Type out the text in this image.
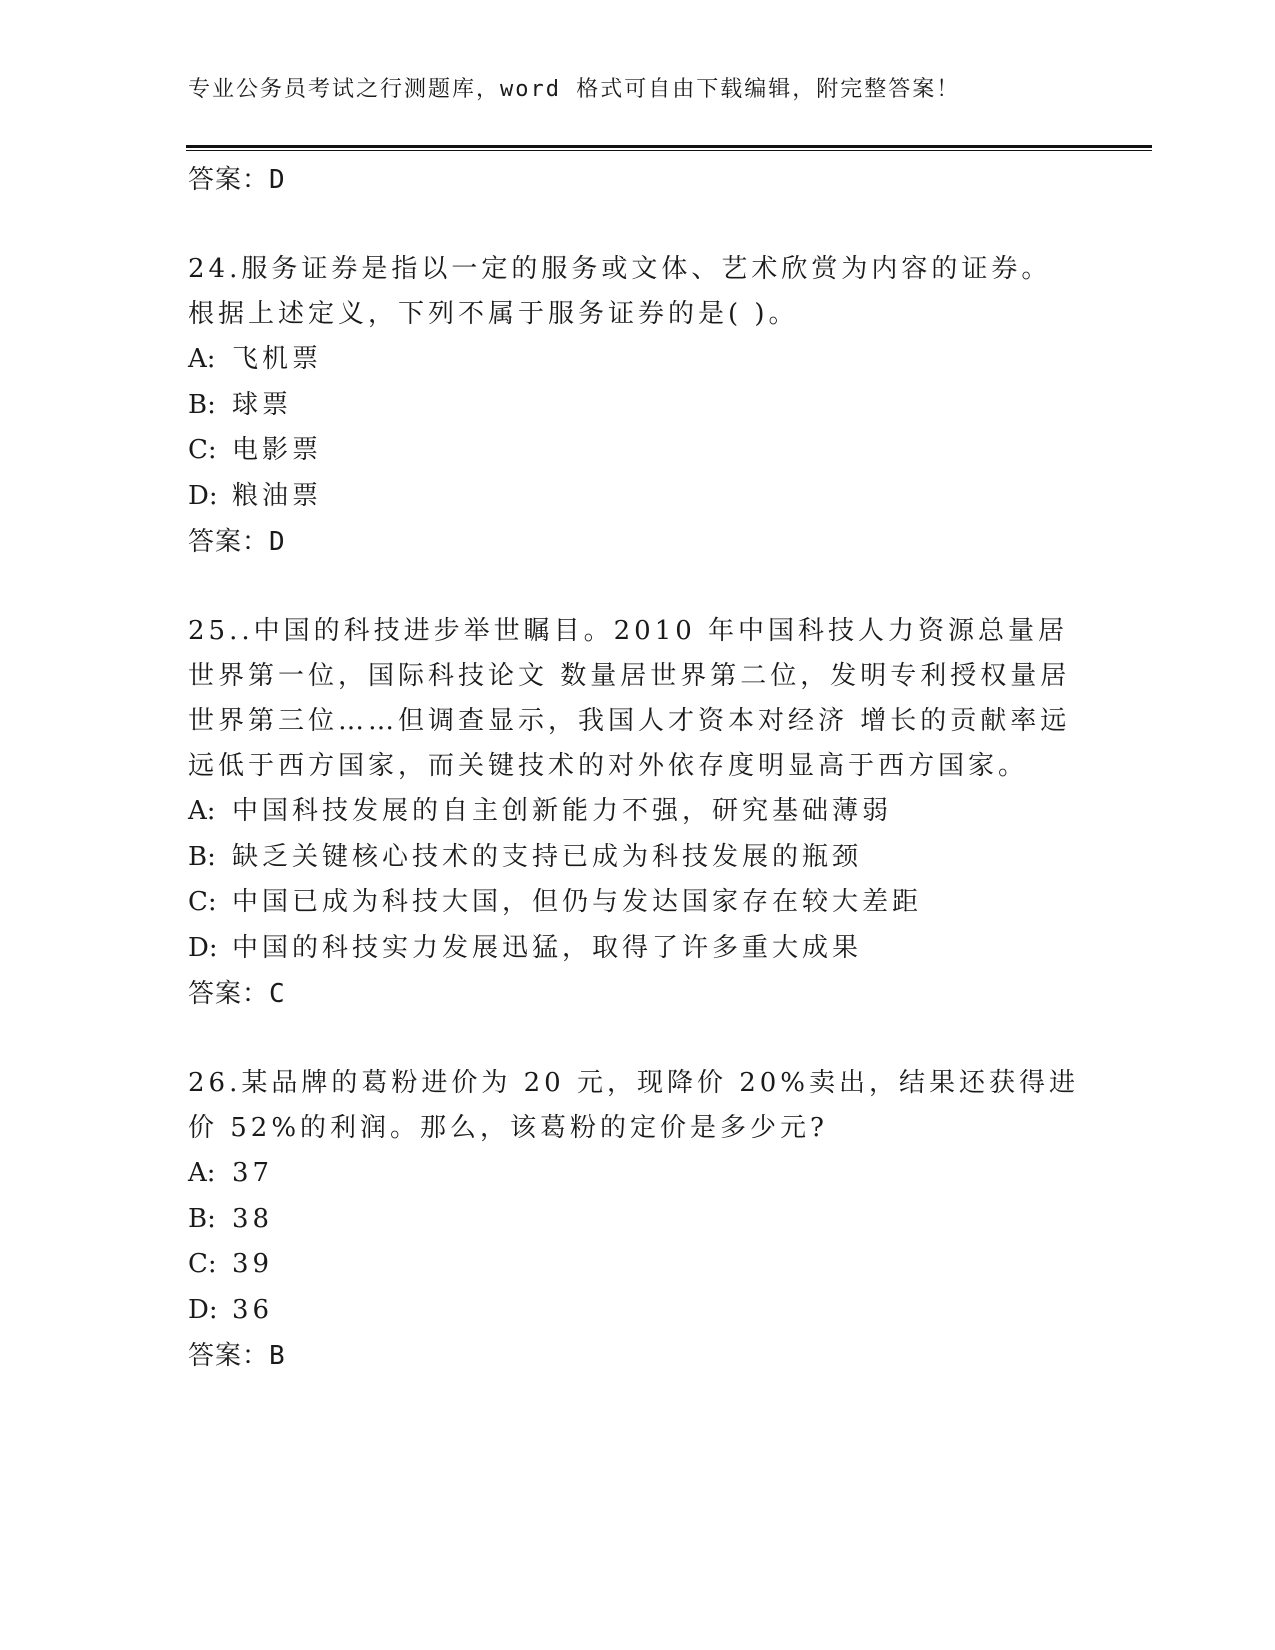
专业公务员考试之行测题库，word 格式可自由下载编辑，附完整答案！
答案：D
24.服务证券是指以一定的服务或文体、艺术欣赏为内容的证券。 根据上述定义，下列不属于服务证券的是( )。
A: 飞机票
B: 球票
C: 电影票
D: 粮油票
答案：D
25..中国的科技进步举世瞩目。2010 年中国科技人力资源总量居世界第一位，国际科技论文 数量居世界第二位，发明专利授权量居世界第三位……但调查显示，我国人才资本对经济 增长的贡献率远远低于西方国家，而关键技术的对外依存度明显高于西方国家。
A: 中国科技发展的自主创新能力不强，研究基础薄弱
B: 缺乏关键核心技术的支持已成为科技发展的瓶颈
C: 中国已成为科技大国，但仍与发达国家存在较大差距
D: 中国的科技实力发展迅猛，取得了许多重大成果
答案：C
26.某品牌的葛粉进价为 20 元，现降价 20%卖出，结果还获得进价 52%的利润。那么，该葛粉的定价是多少元?
A: 37
B: 38
C: 39
D: 36
答案：B
